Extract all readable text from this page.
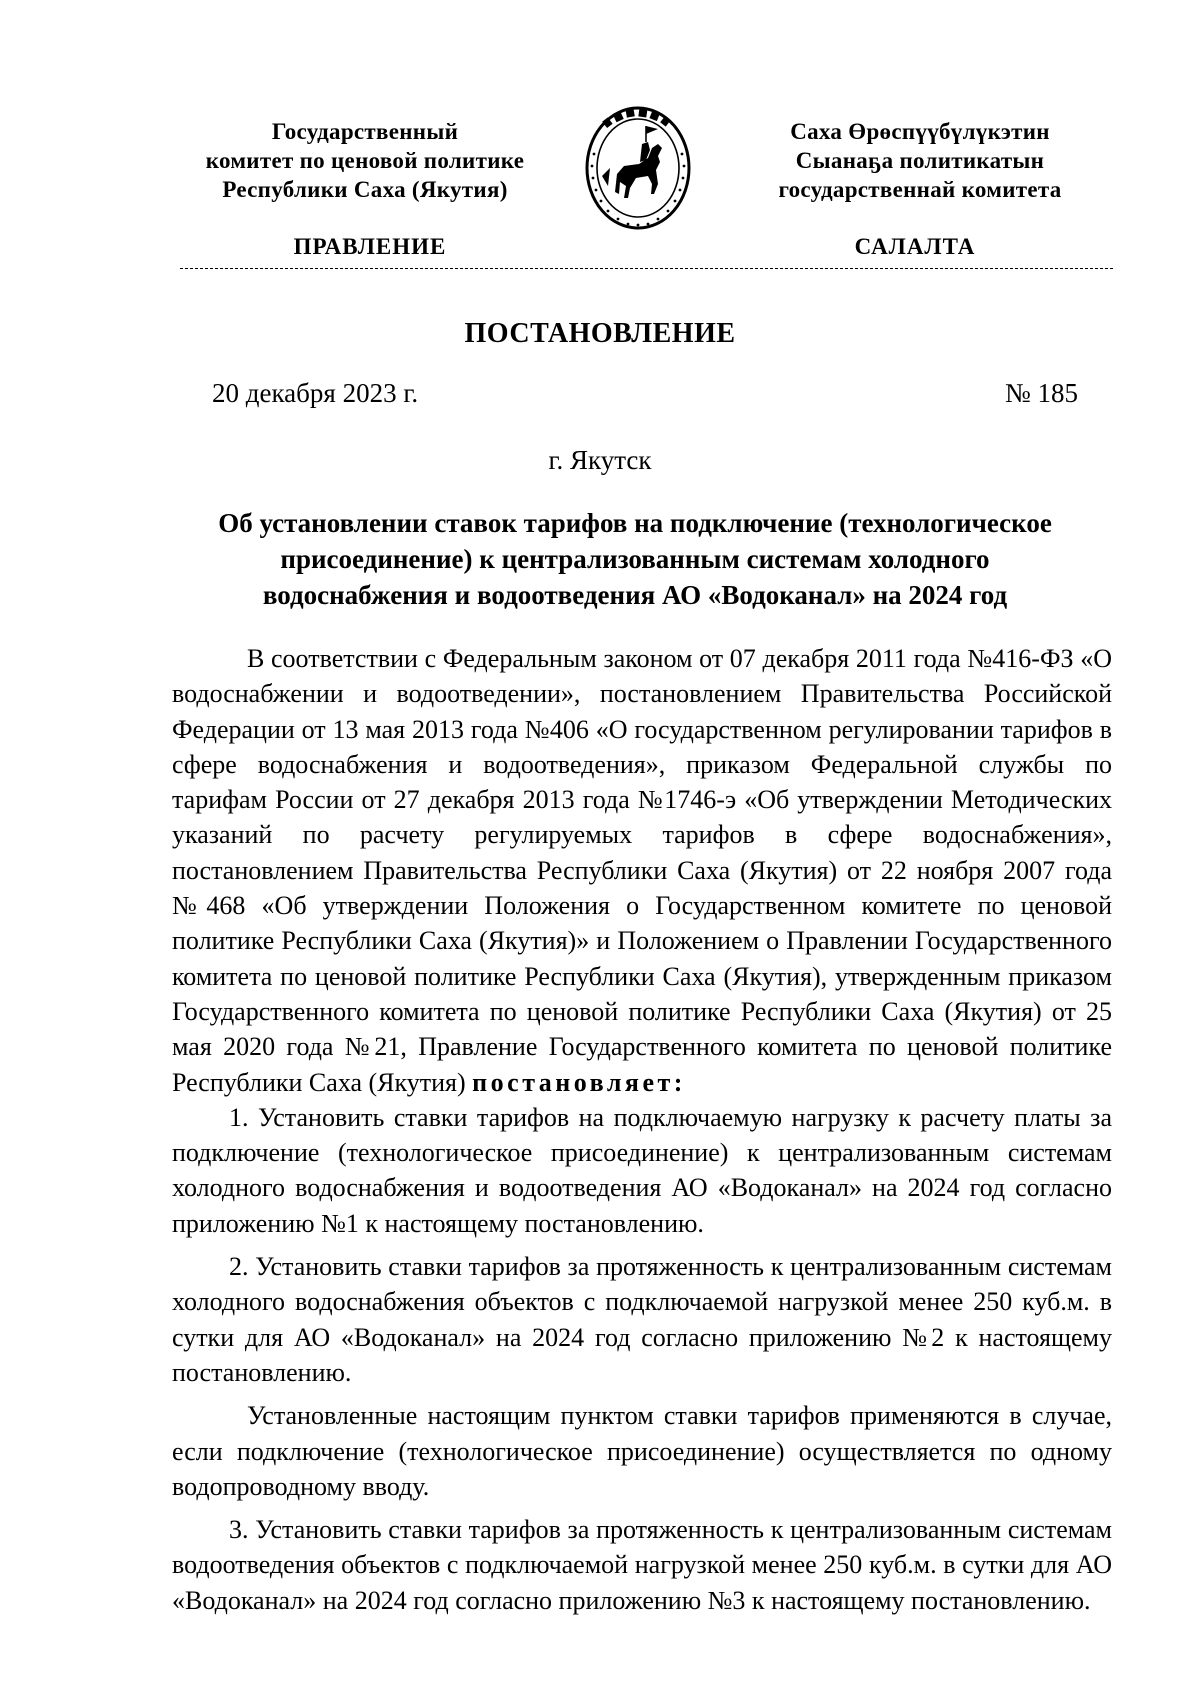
Государственный
комитет по ценовой политике
Республики Саха (Якутия)
Саха Өрөспүүбүлүкэтин
Сыанаҕа политикатын
государственнай комитета
ПРАВЛЕНИЕ	САЛАЛТА
ПОСТАНОВЛЕНИЕ
20 декабря 2023 г.	№ 185
г. Якутск
Об установлении ставок тарифов на подключение (технологическое
присоединение) к централизованным системам холодного
водоснабжения и водоотведения АО «Водоканал» на 2024 год

В соответствии с Федеральным законом от 07 декабря 2011 года №416-ФЗ «О водоснабжении и водоотведении», постановлением Правительства Российской Федерации от 13 мая 2013 года №406 «О государственном регулировании тарифов в сфере водоснабжения и водоотведения», приказом Федеральной службы по тарифам России от 27 декабря 2013 года №1746-э «Об утверждении Методических указаний по расчету регулируемых тарифов в сфере водоснабжения», постановлением Правительства Республики Саха (Якутия) от 22 ноября 2007 года №468 «Об утверждении Положения о Государственном комитете по ценовой политике Республики Саха (Якутия)» и Положением о Правлении Государственного комитета по ценовой политике Республики Саха (Якутия), утвержденным приказом Государственного комитета по ценовой политике Республики Саха (Якутия) от 25 мая 2020 года №21, Правление Государственного комитета по ценовой политике Республики Саха (Якутия) постановляет:

1. Установить ставки тарифов на подключаемую нагрузку к расчету платы за подключение (технологическое присоединение) к централизованным системам холодного водоснабжения и водоотведения АО «Водоканал» на 2024 год согласно приложению №1 к настоящему постановлению.

2. Установить ставки тарифов за протяженность к централизованным системам холодного водоснабжения объектов с подключаемой нагрузкой менее 250 куб.м. в сутки для АО «Водоканал» на 2024 год согласно приложению №2 к настоящему постановлению.

Установленные настоящим пунктом ставки тарифов применяются в случае, если подключение (технологическое присоединение) осуществляется по одному водопроводному вводу.

3. Установить ставки тарифов за протяженность к централизованным системам водоотведения объектов с подключаемой нагрузкой менее 250 куб.м. в сутки для АО «Водоканал» на 2024 год согласно приложению №3 к настоящему постановлению.
